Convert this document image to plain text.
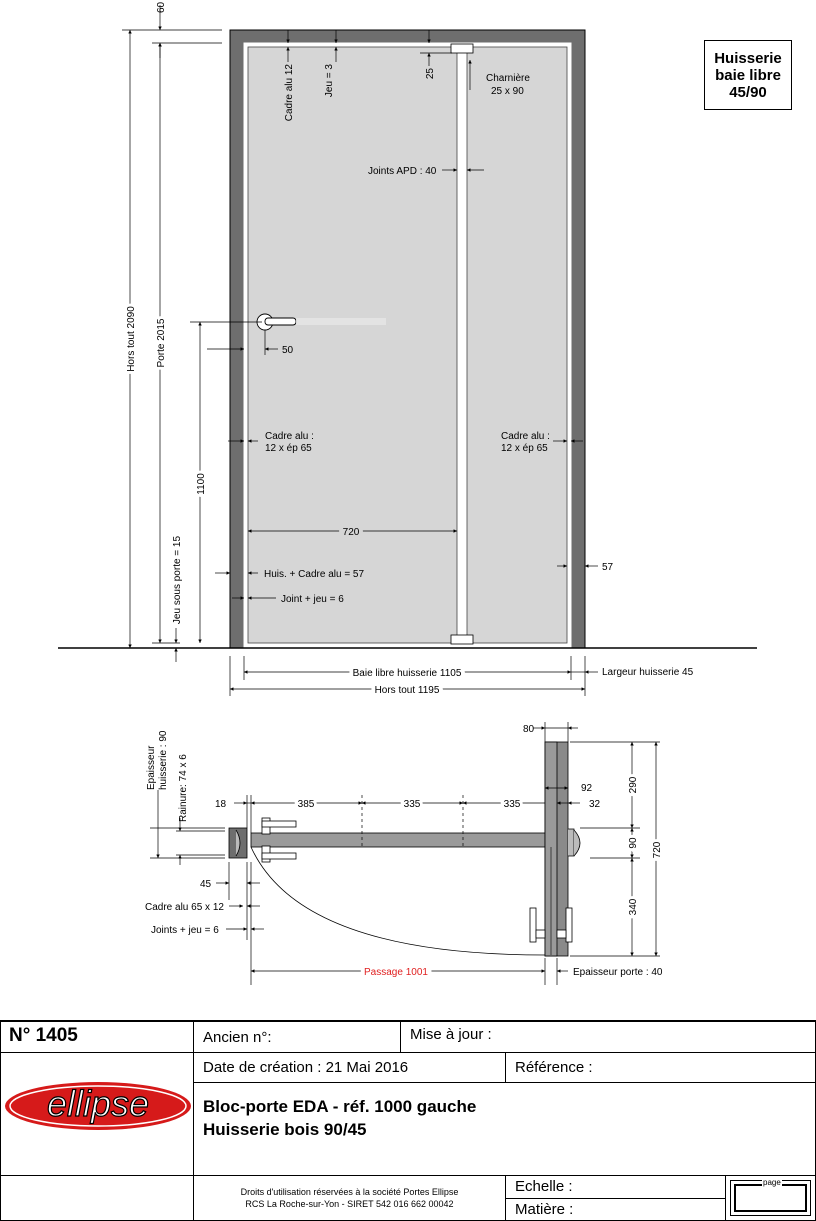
60
Hors tout 2090 Porte 2015
Cadre alu 12	Jeu = 3	25	Charnière
25 x 90
Joints APD : 40
50
Cadre alu :
12 x ép 65
Cadre alu :
12 x ép 65
1100
720
Jeu sous porte = 15	Huis. + Cadre alu = 57
57
Joint + jeu = 6
Baie libre huisserie 1105	Largeur huisserie 45
Hors tout 1195
80
Epaisseur huisserie : 90 Rainure: 74 x 6	18	385	335	335
92
32
290
90 720
340
45
Cadre alu 65 x 12
Joints + jeu = 6
Passage 1001	Epaisseur porte : 40
Huisserie
baie libre
45/90
N° 1405	Ancien n°:	Mise à jour :
ellipse
Date de création : 21 Mai 2016	Référence :
Bloc-porte EDA - réf. 1000 gauche
Huisserie bois 90/45
Droits d'utilisation réservées à la société Portes Ellipse
RCS La Roche-sur-Yon - SIRET 542 016 662 00042
Echelle :
Matière :
page
